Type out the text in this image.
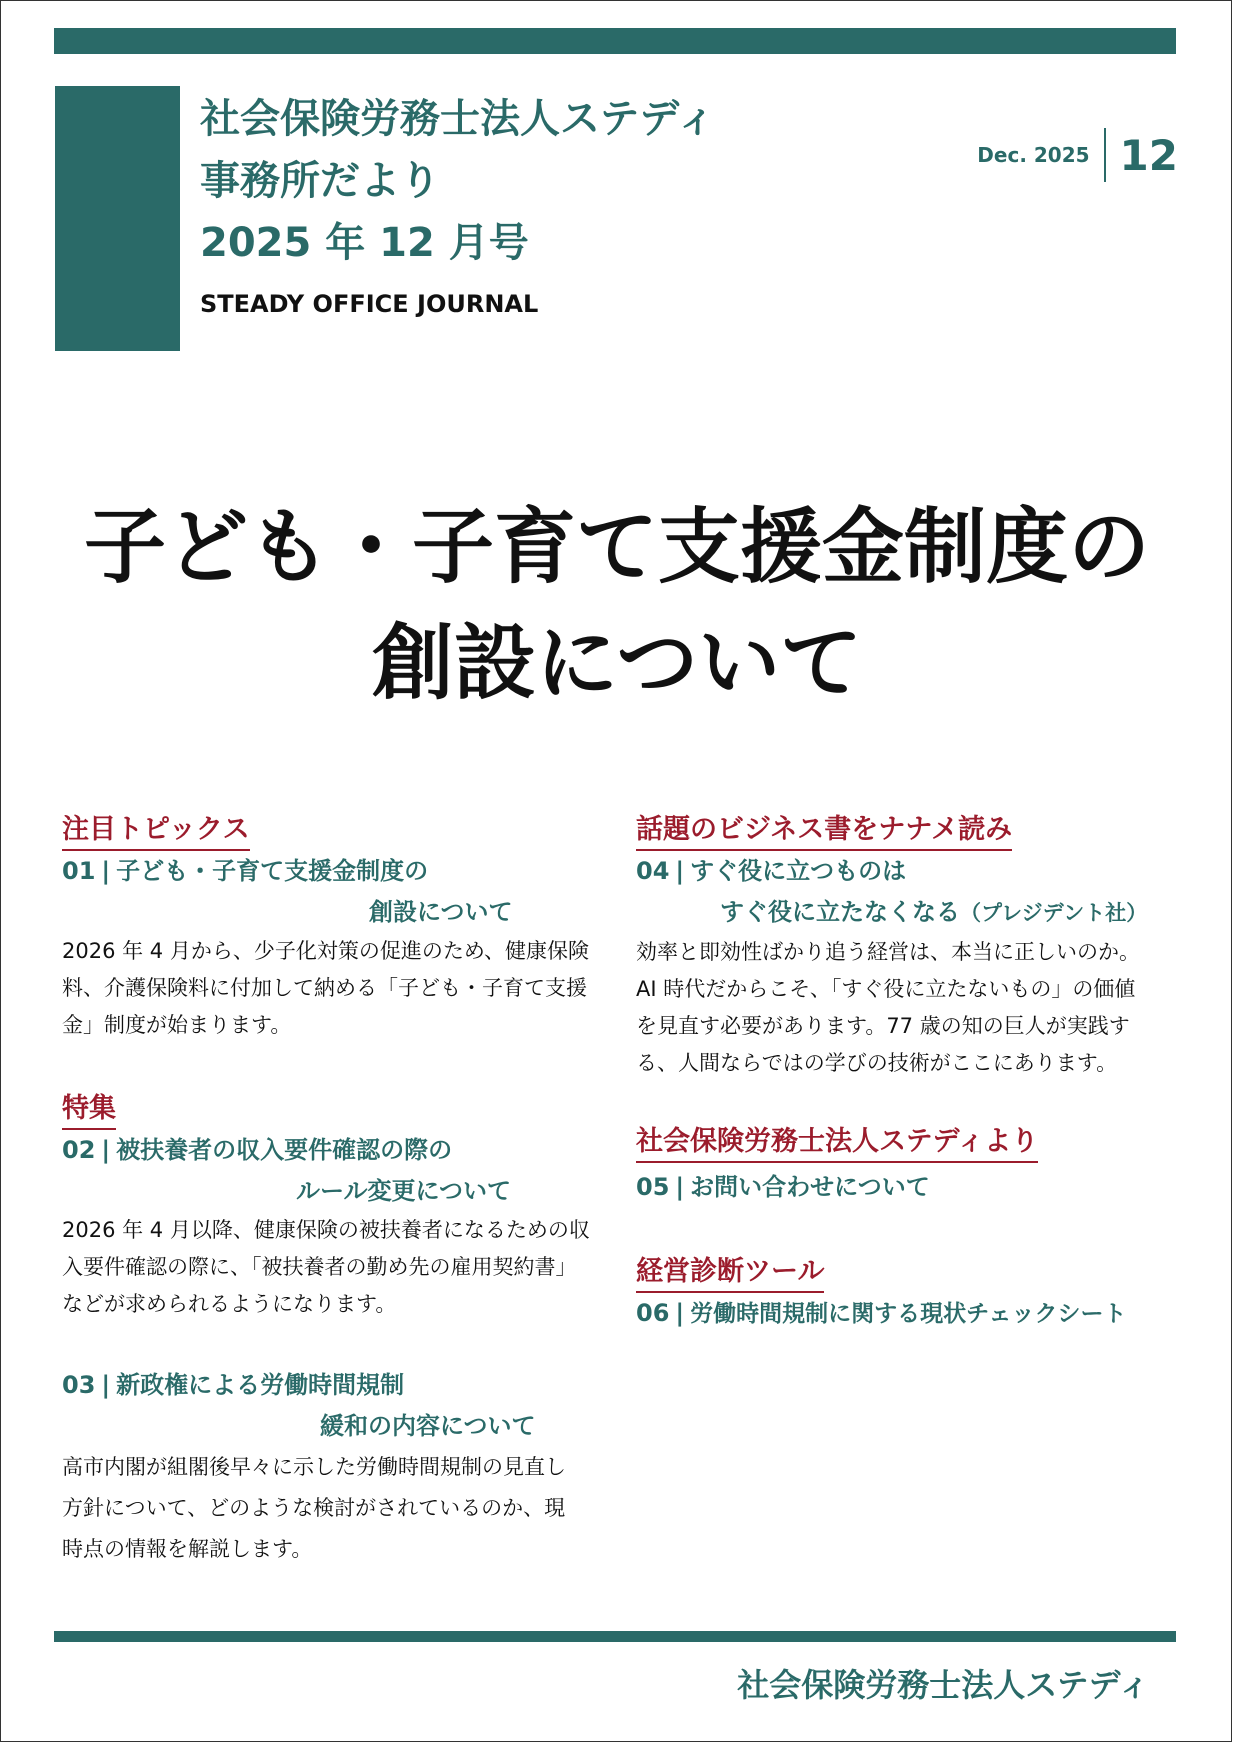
社会保険労務士法人ステディ
事務所だより
2025 年 12 月号
STEADY OFFICE JOURNAL
Dec. 2025 12
子ども・子育て支援金制度の
創設について
注目トピックス
01 | 子ども・子育て支援金制度の
創設について
2026 年 4 月から、少子化対策の促進のため、健康保険
料、介護保険料に付加して納める「子ども・子育て支援
金」制度が始まります。
特集
02 | 被扶養者の収入要件確認の際の
ルール変更について
2026 年 4 月以降、健康保険の被扶養者になるための収
入要件確認の際に、「被扶養者の勤め先の雇用契約書」
などが求められるようになります。
03 | 新政権による労働時間規制
緩和の内容について
高市内閣が組閣後早々に示した労働時間規制の見直し
方針について、どのような検討がされているのか、現
時点の情報を解説します。
話題のビジネス書をナナメ読み
04 | すぐ役に立つものは
すぐ役に立たなくなる（プレジデント社）
効率と即効性ばかり追う経営は、本当に正しいのか。
AI 時代だからこそ、「すぐ役に立たないもの」の価値
を見直す必要があります。77 歳の知の巨人が実践す
る、人間ならではの学びの技術がここにあります。
社会保険労務士法人ステディより
05 | お問い合わせについて
経営診断ツール
06 | 労働時間規制に関する現状チェックシート
社会保険労務士法人ステディ
